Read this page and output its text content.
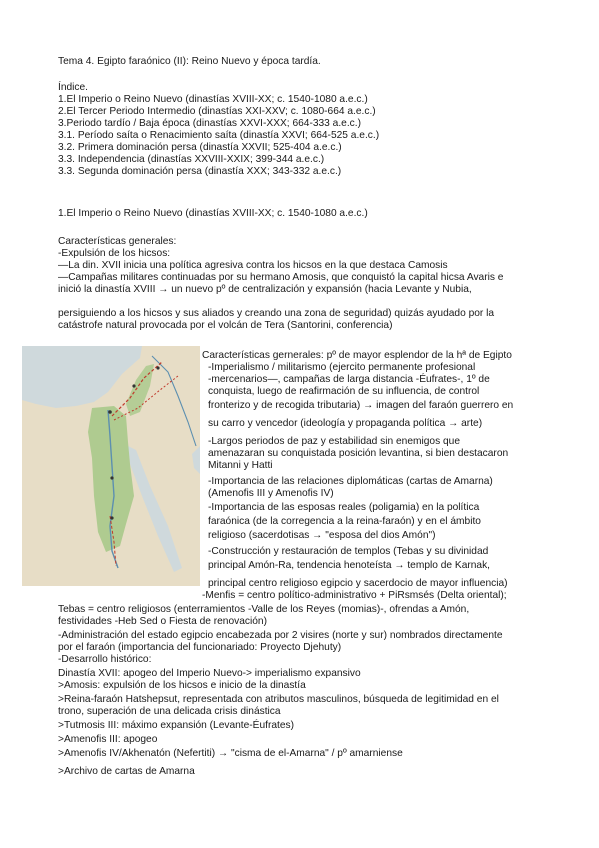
Tema 4. Egipto faraónico (II): Reino Nuevo y época tardía.
Índice.
1.El Imperio o Reino Nuevo (dinastías XVIII-XX; c. 1540-1080 a.e.c.)
2.El Tercer Periodo Intermedio (dinastías XXI-XXV; c. 1080-664 a.e.c.)
3.Periodo tardío / Baja época (dinastías XXVI-XXX; 664-333 a.e.c.)
3.1. Período saíta o Renacimiento saíta (dinastía XXVI; 664-525 a.e.c.)
3.2. Primera dominación persa (dinastía XXVII; 525-404 a.e.c.)
3.3. Independencia (dinastías XXVIII-XXIX; 399-344 a.e.c.)
3.3. Segunda dominación persa (dinastía XXX; 343-332 a.e.c.)
1.El Imperio o Reino Nuevo (dinastías XVIII-XX; c. 1540-1080 a.e.c.)
Características generales:
-Expulsión de los hicsos:
—La din. XVII inicia una política agresiva contra los hicsos en la que destaca Camosis
—Campañas militares continuadas por su hermano Amosis, que conquistó la capital hicsa Avaris e
inició la dinastía XVIII → un nuevo pº de centralización y expansión (hacia Levante y Nubia,
persiguiendo a los hicsos y sus aliados y creando una zona de seguridad) quizás ayudado por la
catástrofe natural provocada por el volcán de Tera (Santorini, conferencia)
Características gernerales: pº de mayor esplendor de la hª de Egipto
-Imperialismo / militarismo (ejercito permanente profesional
-mercenarios—, campañas de larga distancia -Éufrates-, 1º de
conquista, luego de reafirmación de su influencia, de control
fronterizo y de recogida tributaria) → imagen del faraón guerrero en
su carro y vencedor (ideología y propaganda política → arte)
-Largos periodos de paz y estabilidad sin enemigos que
amenazaran su conquistada posición levantina, si bien destacaron
Mitanni y Hatti
-Importancia de las relaciones diplomáticas (cartas de Amarna)
(Amenofis III y Amenofis IV)
-Importancia de las esposas reales (poligamia) en la política
faraónica (de la corregencia a la reina-faraón) y en el ámbito
religioso (sacerdotisas → "esposa del dios Amón")
-Construcción y restauración de templos (Tebas y su divinidad
principal Amón-Ra, tendencia henoteísta → templo de Karnak,
principal centro religioso egipcio y sacerdocio de mayor influencia)
-Menfis = centro político-administrativo + PiRsmsés (Delta oriental);
Tebas = centro religiosos (enterramientos -Valle de los Reyes (momias)-, ofrendas a Amón,
festividades -Heb Sed o Fiesta de renovación)
-Administración del estado egipcio encabezada por 2 visires (norte y sur) nombrados directamente
por el faraón (importancia del funcionariado: Proyecto Djehuty)
-Desarrollo histórico:
Dinastía XVII: apogeo del Imperio Nuevo-> imperialismo expansivo
>Amosis: expulsión de los hicsos e inicio de la dinastía
>Reina-faraón Hatshepsut, representada con atributos masculinos, búsqueda de legitimidad en el
trono, superación de una delicada crisis dinástica
>Tutmosis III: máximo expansión (Levante-Éufrates)
>Amenofis III: apogeo
>Amenofis IV/Akhenatón (Nefertiti) → "cisma de el-Amarna" / pº amarniense
>Archivo de cartas de Amarna
